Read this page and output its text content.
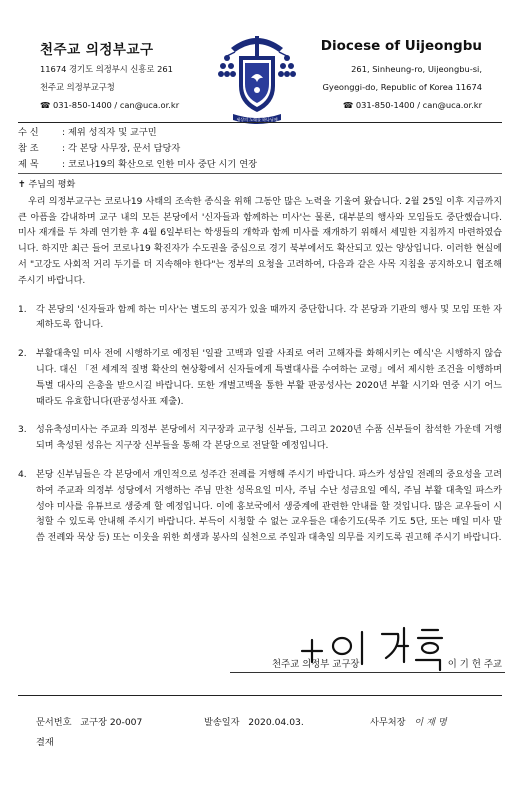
천주교 의정부교구	Diocese of Uijeongbu
11674 경기도 의정부시 신흥로 261
천주교 의정부교구청
☎ 031-850-1400 / can@uca.or.kr
261, Sinheung-ro, Uijeongbu-si,
Gyeonggi-do, Republic of Korea 11674
☎ 031-850-1400 / can@uca.or.kr
세상의 노래를 하나님께
수 신	: 제위 성직자 및 교구민
참 조	: 각 본당 사무장, 문서 담당자
제 목	: 코로나19의 확산으로 인한 미사 중단 시기 연장
✝ 주님의 평화
우리 의정부교구는 코로나19 사태의 조속한 종식을 위해 그동안 많은 노력을 기울여 왔습니다. 2월 25일 이후 지금까지 큰 아픔을 감내하며 교구 내의 모든 본당에서 '신자들과 함께하는 미사'는 물론, 대부분의 행사와 모임들도 중단했습니다. 미사 재개를 두 차례 연기한 후 4월 6일부터는 학생들의 개학과 함께 미사를 재개하기 위해서 세밀한 지침까지 마련하였습니다. 하지만 최근 들어 코로나19 확진자가 수도권을 중심으로 경기 북부에서도 확산되고 있는 양상입니다. 이러한 현실에서 "고강도 사회적 거리 두기를 더 지속해야 한다"는 정부의 요청을 고려하여, 다음과 같은 사목 지침을 공지하오니 협조해 주시기 바랍니다.
1.	각 본당의 '신자들과 함께 하는 미사'는 별도의 공지가 있을 때까지 중단합니다. 각 본당과 기관의 행사 및 모임 또한 자제하도록 합니다.
2.	부활대축일 미사 전에 시행하기로 예정된 '일괄 고백과 일괄 사죄로 여러 고해자를 화해시키는 예식'은 시행하지 않습니다. 대신 「전 세계적 질병 확산의 현상황에서 신자들에게 특별대사를 수여하는 교령」에서 제시한 조건을 이행하며 특별 대사의 은총을 받으시길 바랍니다. 또한 개별고백을 통한 부활 판공성사는 2020년 부활 시기와 연중 시기 어느 때라도 유효합니다(판공성사표 제출).
3.	성유축성미사는 주교좌 의정부 본당에서 지구장과 교구청 신부들, 그리고 2020년 수품 신부들이 참석한 가운데 거행되며 축성된 성유는 지구장 신부들을 통해 각 본당으로 전달할 예정입니다.
4.	본당 신부님들은 각 본당에서 개인적으로 성주간 전례를 거행해 주시기 바랍니다. 파스카 성삼일 전례의 중요성을 고려하여 주교좌 의정부 성당에서 거행하는 주님 만찬 성목요일 미사, 주님 수난 성금요일 예식, 주님 부활 대축일 파스카 성야 미사를 유튜브로 생중계 할 예정입니다. 이에 홍보국에서 생중계에 관련한 안내를 할 것입니다. 많은 교우들이 시청할 수 있도록 안내해 주시기 바랍니다. 부득이 시청할 수 없는 교우들은 대송기도(묵주 기도 5단, 또는 매일 미사 말씀 전례와 묵상 등) 또는 이웃을 위한 희생과 봉사의 실천으로 주일과 대축일 의무를 지키도록 권고해 주시기 바랍니다.
천주교 의정부 교구장	이 기 헌 주교
문서번호 교구장 20-007	발송일자 2020.04.03.	사무처장 이 재 명
결재
